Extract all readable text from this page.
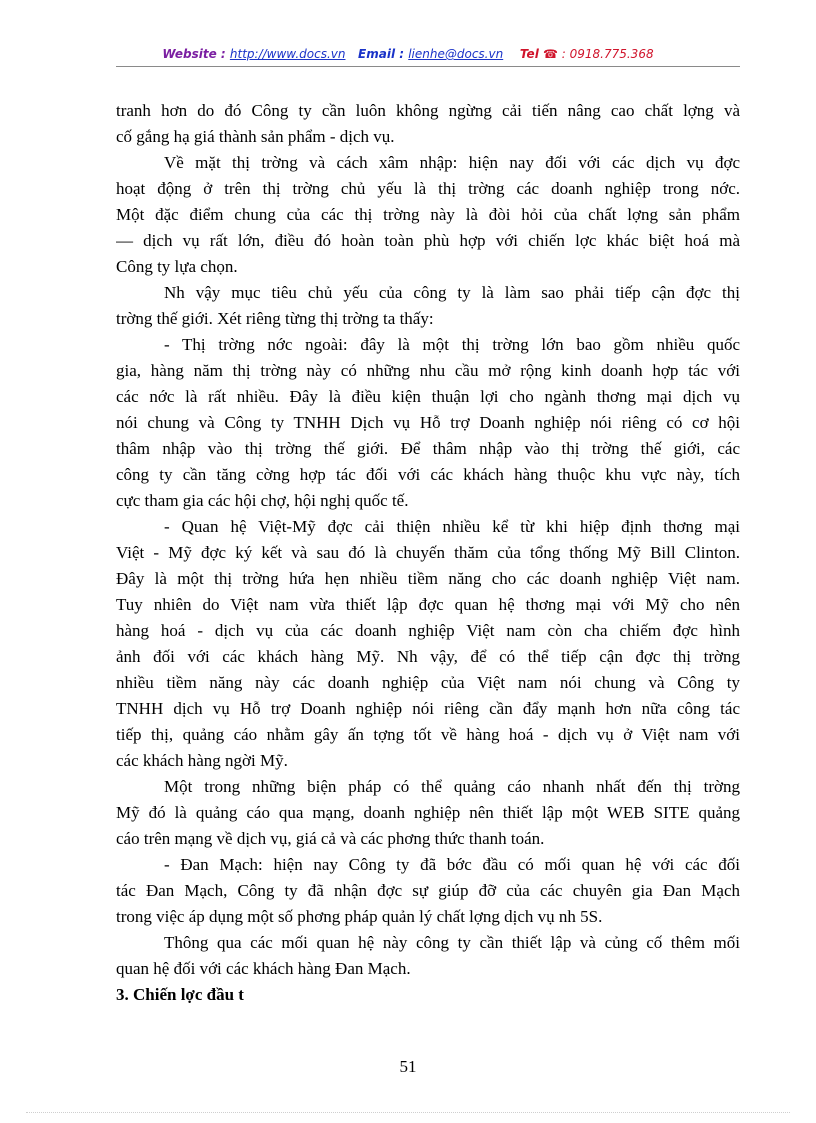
Website : http://www.docs.vn Email : lienhe@docs.vn Tel ☎ : 0918.775.368
tranh hơn do đó Công ty cần luôn không ngừng cải tiến nâng cao chất lợng và
cố gắng hạ giá thành sản phẩm - dịch vụ.
Về mặt thị trờng và cách xâm nhập: hiện nay đối với các dịch vụ đợc
hoạt động ở trên thị trờng chủ yếu là thị trờng các doanh nghiệp trong nớc.
Một đặc điểm chung của các thị trờng này là đòi hỏi của chất lợng sản phẩm
— dịch vụ rất lớn, điều đó hoàn toàn phù hợp với chiến lợc khác biệt hoá mà
Công ty lựa chọn.
Nh vậy mục tiêu chủ yếu của công ty là làm sao phải tiếp cận đợc thị
trờng thế giới. Xét riêng từng thị trờng ta thấy:
- Thị trờng nớc ngoài: đây là một thị trờng lớn bao gồm nhiều quốc
gia, hàng năm thị trờng này có những nhu cầu mở rộng kinh doanh hợp tác với
các nớc là rất nhiều. Đây là điều kiện thuận lợi cho ngành thơng mại dịch vụ
nói chung và Công ty TNHH Dịch vụ Hỗ trợ Doanh nghiệp nói riêng có cơ hội
thâm nhập vào thị trờng thế giới. Để thâm nhập vào thị trờng thế giới, các
công ty cần tăng cờng hợp tác đối với các khách hàng thuộc khu vực này, tích
cực tham gia các hội chợ, hội nghị quốc tế.
- Quan hệ Việt-Mỹ đợc cải thiện nhiều kể từ khi hiệp định thơng mại
Việt - Mỹ đợc ký kết và sau đó là chuyến thăm của tổng thống Mỹ Bill Clinton.
Đây là một thị trờng hứa hẹn nhiều tiềm năng cho các doanh nghiệp Việt nam.
Tuy nhiên do Việt nam vừa thiết lập đợc quan hệ thơng mại với Mỹ cho nên
hàng hoá - dịch vụ của các doanh nghiệp Việt nam còn cha chiếm đợc hình
ảnh đối với các khách hàng Mỹ. Nh vậy, để có thể tiếp cận đợc thị trờng
nhiều tiềm năng này các doanh nghiệp của Việt nam nói chung và Công ty
TNHH dịch vụ Hỗ trợ Doanh nghiệp nói riêng cần đẩy mạnh hơn nữa công tác
tiếp thị, quảng cáo nhằm gây ấn tợng tốt về hàng hoá - dịch vụ ở Việt nam với
các khách hàng ngời Mỹ.
Một trong những biện pháp có thể quảng cáo nhanh nhất đến thị trờng
Mỹ đó là quảng cáo qua mạng, doanh nghiệp nên thiết lập một WEB SITE quảng
cáo trên mạng về dịch vụ, giá cả và các phơng thức thanh toán.
- Đan Mạch: hiện nay Công ty đã bớc đầu có mối quan hệ với các đối
tác Đan Mạch, Công ty đã nhận đợc sự giúp đỡ của các chuyên gia Đan Mạch
trong việc áp dụng một số phơng pháp quản lý chất lợng dịch vụ nh 5S.
Thông qua các mối quan hệ này công ty cần thiết lập và củng cố thêm mối
quan hệ đối với các khách hàng Đan Mạch.
3. Chiến lợc đầu t
51
